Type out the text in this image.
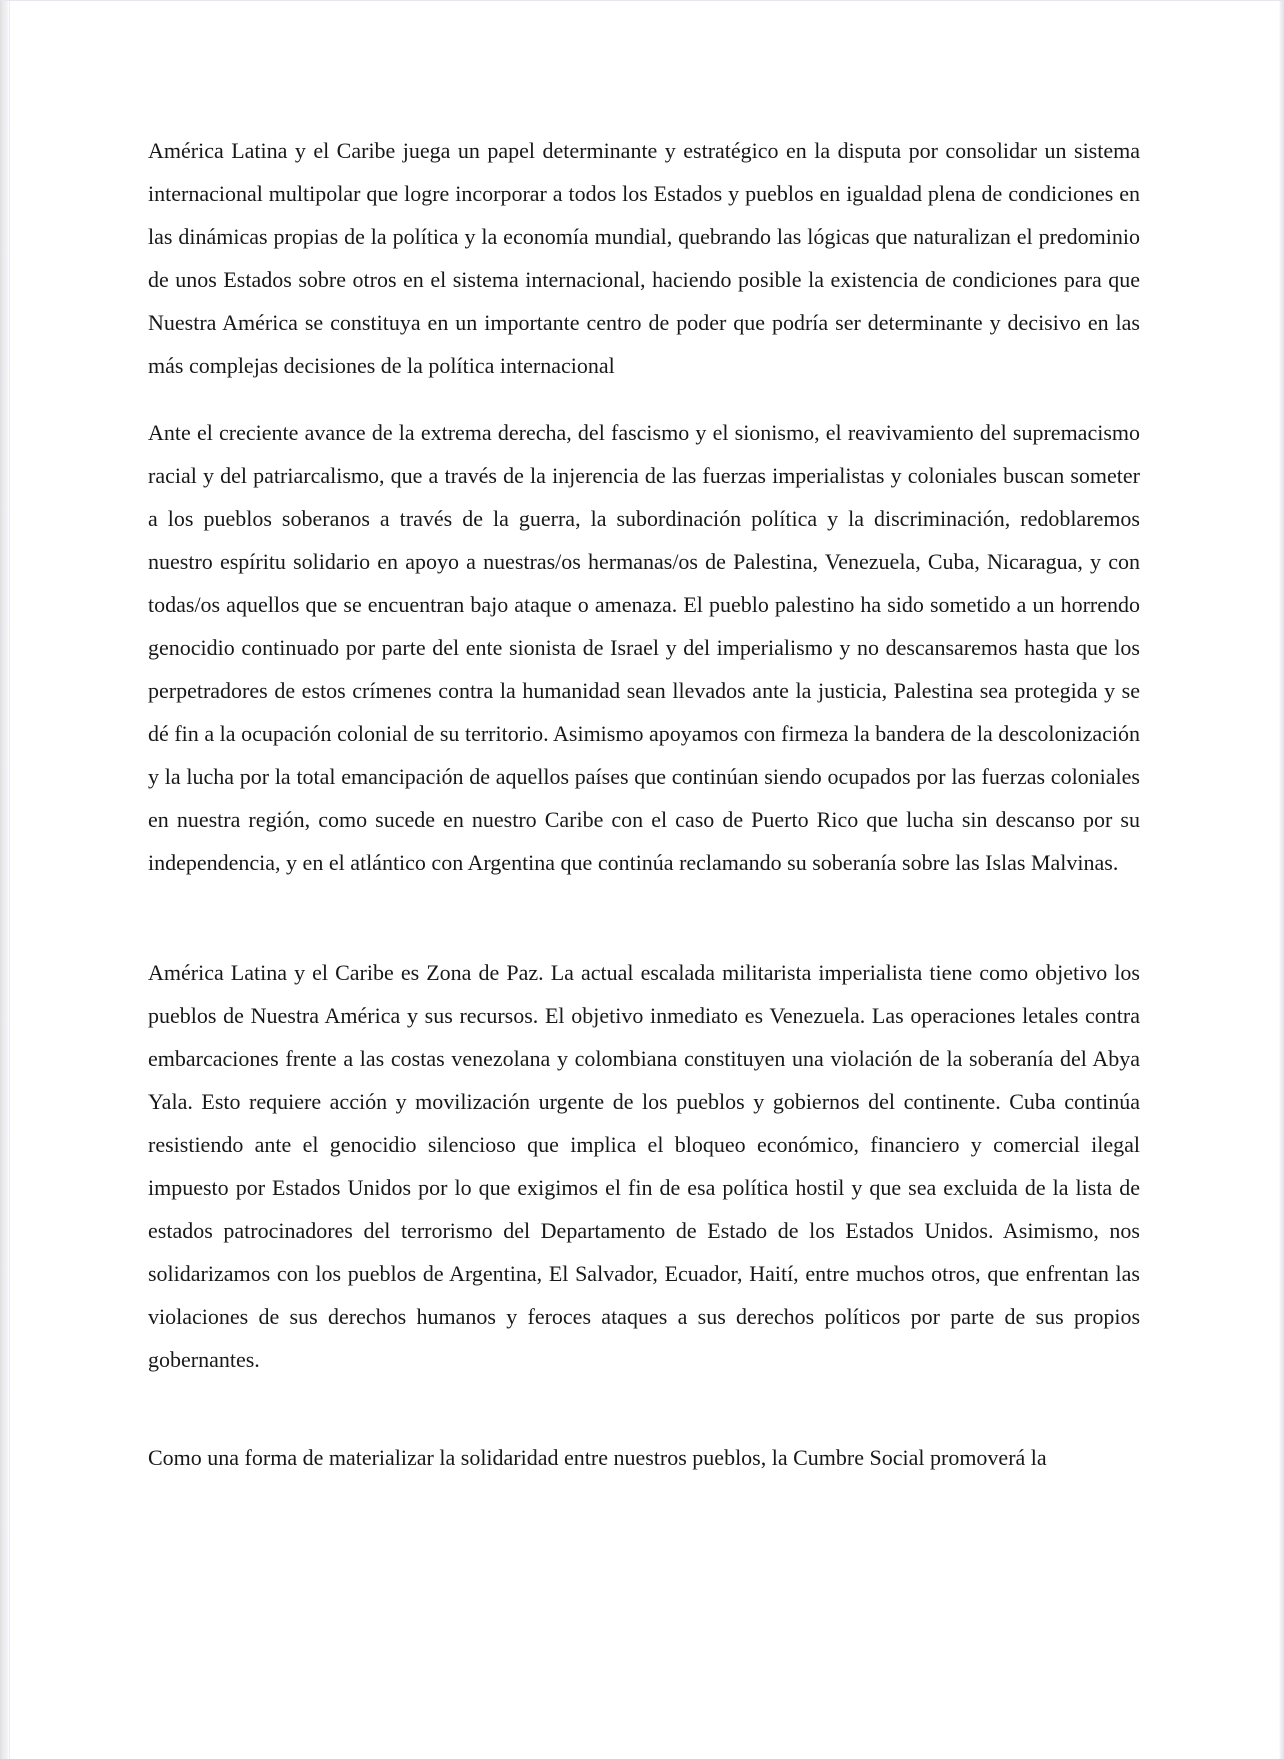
América Latina y el Caribe juega un papel determinante y estratégico en la disputa por consolidar un sistema internacional multipolar que logre incorporar a todos los Estados y pueblos en igualdad plena de condiciones en las dinámicas propias de la política y la economía mundial, quebrando las lógicas que naturalizan el predominio de unos Estados sobre otros en el sistema internacional, haciendo posible la existencia de condiciones para que Nuestra América se constituya en un importante centro de poder que podría ser determinante y decisivo en las más complejas decisiones de la política internacional

Ante el creciente avance de la extrema derecha, del fascismo y el sionismo, el reavivamiento del supremacismo racial y del patriarcalismo, que a través de la injerencia de las fuerzas imperialistas y coloniales buscan someter a los pueblos soberanos a través de la guerra, la subordinación política y la discriminación, redoblaremos nuestro espíritu solidario en apoyo a nuestras/os hermanas/os de Palestina, Venezuela, Cuba, Nicaragua, y con todas/os aquellos que se encuentran bajo ataque o amenaza. El pueblo palestino ha sido sometido a un horrendo genocidio continuado por parte del ente sionista de Israel y del imperialismo y no descansaremos hasta que los perpetradores de estos crímenes contra la humanidad sean llevados ante la justicia, Palestina sea protegida y se dé fin a la ocupación colonial de su territorio. Asimismo apoyamos con firmeza la bandera de la descolonización y la lucha por la total emancipación de aquellos países que continúan siendo ocupados por las fuerzas coloniales en nuestra región, como sucede en nuestro Caribe con el caso de Puerto Rico que lucha sin descanso por su independencia, y en el atlántico con Argentina que continúa reclamando su soberanía sobre las Islas Malvinas.

América Latina y el Caribe es Zona de Paz. La actual escalada militarista imperialista tiene como objetivo los pueblos de Nuestra América y sus recursos. El objetivo inmediato es Venezuela. Las operaciones letales contra embarcaciones frente a las costas venezolana y colombiana constituyen una violación de la soberanía del Abya Yala. Esto requiere acción y movilización urgente de los pueblos y gobiernos del continente. Cuba continúa resistiendo ante el genocidio silencioso que implica el bloqueo económico, financiero y comercial ilegal impuesto por Estados Unidos por lo que exigimos el fin de esa política hostil y que sea excluida de la lista de estados patrocinadores del terrorismo del Departamento de Estado de los Estados Unidos. Asimismo, nos solidarizamos con los pueblos de Argentina, El Salvador, Ecuador, Haití, entre muchos otros, que enfrentan las violaciones de sus derechos humanos y feroces ataques a sus derechos políticos por parte de sus propios gobernantes.

Como una forma de materializar la solidaridad entre nuestros pueblos, la Cumbre Social promoverá la
